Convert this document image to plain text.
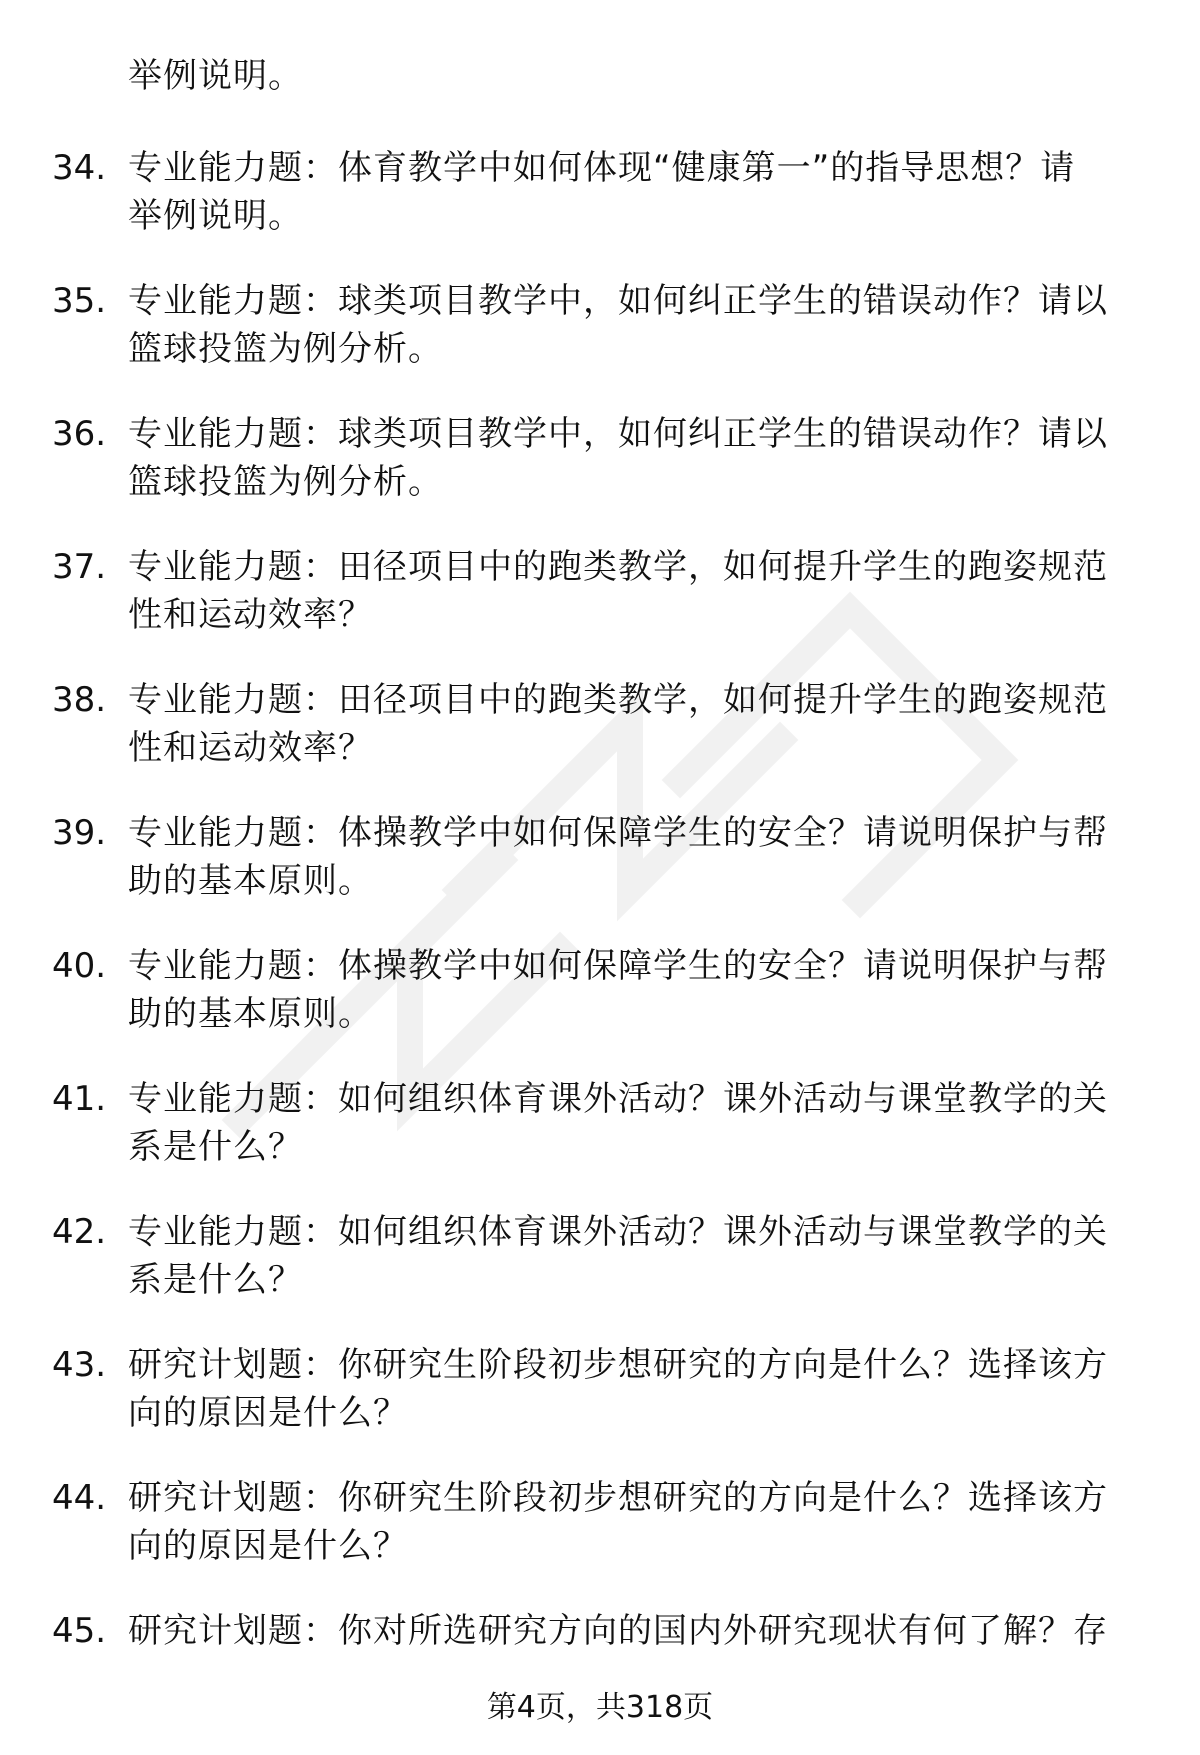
举例说明。
34. 专业能力题：体育教学中如何体现“健康第一”的指导思想？请
举例说明。
35. 专业能力题：球类项目教学中，如何纠正学生的错误动作？请以
篮球投篮为例分析。
36. 专业能力题：球类项目教学中，如何纠正学生的错误动作？请以
篮球投篮为例分析。
37. 专业能力题：田径项目中的跑类教学，如何提升学生的跑姿规范
性和运动效率？
38. 专业能力题：田径项目中的跑类教学，如何提升学生的跑姿规范
性和运动效率？
39. 专业能力题：体操教学中如何保障学生的安全？请说明保护与帮
助的基本原则。
40. 专业能力题：体操教学中如何保障学生的安全？请说明保护与帮
助的基本原则。
41. 专业能力题：如何组织体育课外活动？课外活动与课堂教学的关
系是什么？
42. 专业能力题：如何组织体育课外活动？课外活动与课堂教学的关
系是什么？
43. 研究计划题：你研究生阶段初步想研究的方向是什么？选择该方
向的原因是什么？
44. 研究计划题：你研究生阶段初步想研究的方向是什么？选择该方
向的原因是什么？
45. 研究计划题：你对所选研究方向的国内外研究现状有何了解？存
第4页，共318页
